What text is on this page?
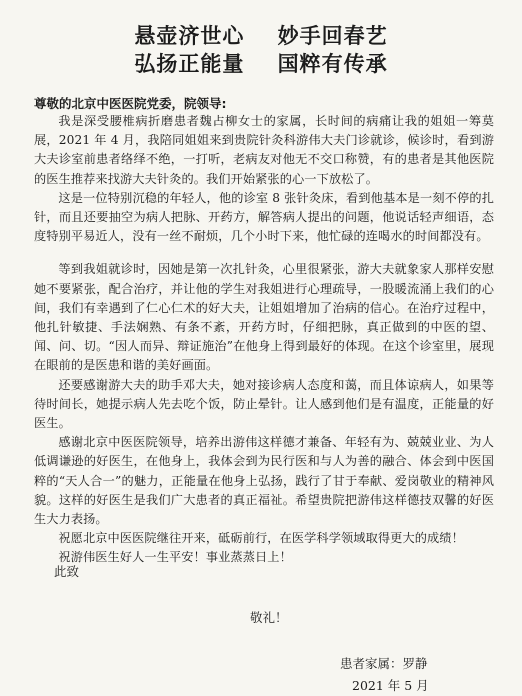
悬壶济世心    妙手回春艺
弘扬正能量    国粹有传承
尊敬的北京中医医院党委，院领导:

我是深受腰椎病折磨患者魏占柳女士的家属，长时间的病痛让我的姐姐一筹莫展，2021 年 4 月，我陪同姐姐来到贵院针灸科游伟大夫门诊就诊，候诊时，看到游大夫诊室前患者络绎不绝，一打听，老病友对他无不交口称赞，有的患者是其他医院的医生推荐来找游大夫针灸的。我们开始紧张的心一下放松了。

这是一位特别沉稳的年轻人，他的诊室 8 张针灸床，看到他基本是一刻不停的扎针，而且还要抽空为病人把脉、开药方，解答病人提出的问题，他说话轻声细语，态度特别平易近人，没有一丝不耐烦，几个小时下来，他忙碌的连喝水的时间都没有。

等到我姐就诊时，因她是第一次扎针灸，心里很紧张，游大夫就象家人那样安慰她不要紧张，配合治疗，并让他的学生对我姐进行心理疏导，一股暖流涌上我们的心间，我们有幸遇到了仁心仁术的好大夫，让姐姐增加了治病的信心。在治疗过程中，他扎针敏捷、手法娴熟、有条不紊，开药方时，仔细把脉，真正做到的中医的望、闻、问、切。“因人而异、辩证施治”在他身上得到最好的体现。在这个诊室里，展现在眼前的是医患和谐的美好画面。

还要感谢游大夫的助手邓大夫，她对接诊病人态度和蔼，而且体谅病人，如果等待时间长，她提示病人先去吃个饭，防止晕针。让人感到他们是有温度，正能量的好医生。

感谢北京中医医院领导，培养出游伟这样德才兼备、年轻有为、兢兢业业、为人低调谦逊的好医生，在他身上，我体会到为民行医和与人为善的融合、体会到中医国粹的“天人合一”的魅力，正能量在他身上弘扬，践行了甘于奉献、爱岗敬业的精神风貌。这样的好医生是我们广大患者的真正福祉。希望贵院把游伟这样德技双馨的好医生大力表扬。

祝愿北京中医医院继往开来，砥砺前行，在医学科学领域取得更大的成绩！

祝游伟医生好人一生平安！事业蒸蒸日上！

此致
敬礼！
患者家属：罗静
2021 年 5 月
